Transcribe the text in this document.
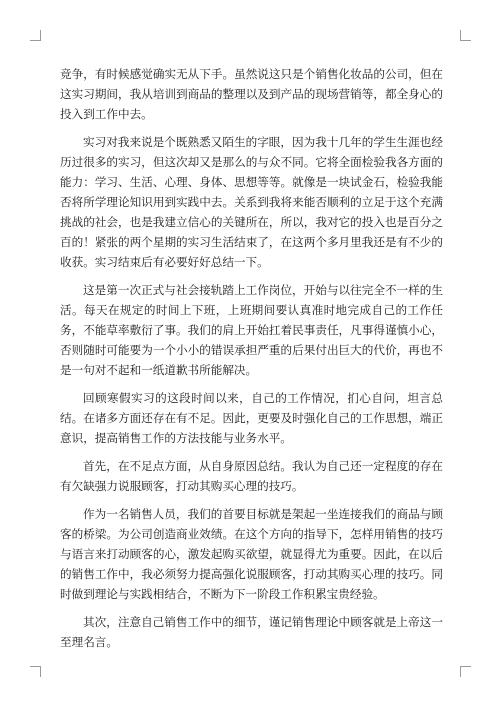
竞争，有时候感觉确实无从下手。虽然说这只是个销售化妆品的公司，但在这实习期间，我从培训到商品的整理以及到产品的现场营销等，都全身心的投入到工作中去。

实习对我来说是个既熟悉又陌生的字眼，因为我十几年的学生生涯也经历过很多的实习，但这次却又是那么的与众不同。它将全面检验我各方面的能力：学习、生活、心理、身体、思想等等。就像是一块试金石，检验我能否将所学理论知识用到实践中去。关系到我将来能否顺利的立足于这个充满挑战的社会，也是我建立信心的关键所在，所以，我对它的投入也是百分之百的！紧张的两个星期的实习生活结束了，在这两个多月里我还是有不少的收获。实习结束后有必要好好总结一下。

这是第一次正式与社会接轨踏上工作岗位，开始与以往完全不一样的生活。每天在规定的时间上下班，上班期间要认真准时地完成自己的工作任务，不能草率敷衍了事。我们的肩上开始扛着民事责任，凡事得谨慎小心，否则随时可能要为一个小小的错误承担严重的后果付出巨大的代价，再也不是一句对不起和一纸道歉书所能解决。

回顾寒假实习的这段时间以来，自己的工作情况，扪心自问，坦言总结。在诸多方面还存在有不足。因此，更要及时强化自己的工作思想，端正意识，提高销售工作的方法技能与业务水平。

首先，在不足点方面，从自身原因总结。我认为自己还一定程度的存在有欠缺强力说服顾客，打动其购买心理的技巧。

作为一名销售人员，我们的首要目标就是架起一坐连接我们的商品与顾客的桥梁。为公司创造商业效绩。在这个方向的指导下，怎样用销售的技巧与语言来打动顾客的心，激发起购买欲望，就显得尤为重要。因此，在以后的销售工作中，我必须努力提高强化说服顾客，打动其购买心理的技巧。同时做到理论与实践相结合，不断为下一阶段工作积累宝贵经验。

其次，注意自己销售工作中的细节，谨记销售理论中顾客就是上帝这一至理名言。
